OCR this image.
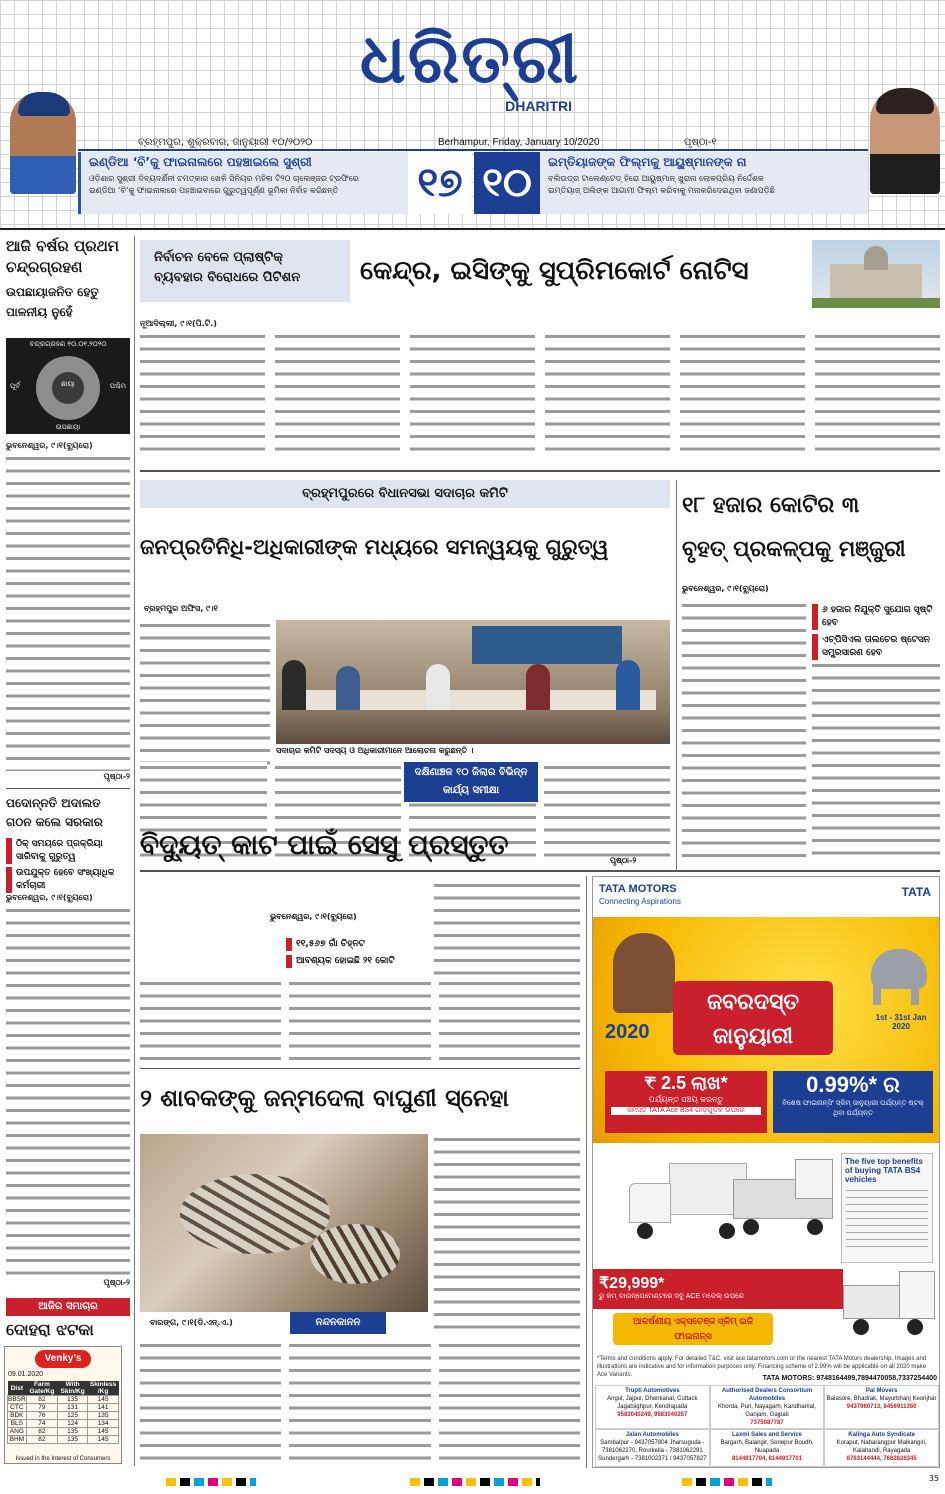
ଧରିତ୍ରୀ
DHARITRI
ବ୍ରହ୍ମପୁର, ଶୁକ୍ରବାର, ଜାନୁୟାରୀ ୧୦/୨୦୨୦	Berhampur, Friday, January 10/2020	ପୃଷ୍ଠା-୧
ଇଣ୍ଡିଆ ‘ବି’କୁ ଫାଇନାଲରେ ପହଞ୍ଚାଇଲେ ସୁଶ୍ରୀ
ଓଡ଼ିଶାର ସୁଶ୍ରୀ ଦିବ୍ୟଦର୍ଶିନୀ ଚମତ୍କାର ଖେଳି ସିନିୟର ମହିଳା ଟି୨୦ ଚାଲେଞ୍ଜର ଟ୍ରଫିରେ
ଇଣ୍ଡିଆ ‘ବି’କୁ ଫାଇନାଲରେ ପହଞ୍ଚାଇବାରେ ଗୁରୁତ୍ୱପୂର୍ଣ୍ଣ ଭୂମିକା ନିର୍ବାହ କରିଛନ୍ତି	୧୭ ୧୦	ଇମ୍ତିୟାଜଙ୍କ ଫିଲ୍ମକୁ ଆୟୁଷ୍ମାନଙ୍କ ନା
ବଲିଉଡ୍‌ର ଟାଲେଣ୍ଟେଡ୍ ହିରୋ ଆୟୁଷ୍ମାନ୍ ଖୁରାନା ଲୋକପ୍ରିୟ ନିର୍ଦ୍ଦେଶକ
ଇମ୍ତିୟାଜ୍ ଅଲିଙ୍କ ଆଗାମୀ ଫିଲ୍ମ କରିବାକୁ ମନାକରିଦେଇଥିବା ଜଣାପଡ଼ିଛି
ଆଜି ବର୍ଷର ପ୍ରଥମ ଚନ୍ଦ୍ରଗ୍ରହଣ
ଉପଛାୟାଜନିତ ହେତୁ ପାଳନୀୟ ନୁହେଁ
ଚନ୍ଦ୍ରଗ୍ରହଣ ୧୦.୦୧.୨୦୨୦
ଛାୟା
ପୂର୍ବ	ପଶ୍ଚିମ
ଉପଛାୟା
ଭୁବନେଶ୍ୱର, ୯।୧(ବ୍ୟୁରୋ)
ପୃଷ୍ଠା-୨
ପଦୋନ୍ନତି ଅଦାଲତ
ଗଠନ କଲେ ସରକାର
ଠିକ୍ ସମୟରେ ପ୍ରକ୍ରିୟା ସାରିବାକୁ ଗୁରୁତ୍ୱ
ଉପଯୁକ୍ତ ହେବେ ସଂଖ୍ୟାଧିକ କର୍ମଚାରୀ
ଭୁବନେଶ୍ୱର, ୯।୧(ବ୍ୟୁରୋ)
ପୃଷ୍ଠା-୨
ଆଜିର ସମାଚାର
ଦୋହରା ଝଟକା
Venky's
09.01.2020
Dist	Farm Gate/Kg	With Skin/Kg	Skinless /Kg
BBSR	82	135	145
CTC	79	131	141
BDK	76	125	135
BLS	74	124	134
ANG	82	135	145
BHM	82	135	145
Issued in the Interest of Consumers
ନିର୍ବାଚନ ବେଳେ ପ୍ଲାଷ୍ଟିକ୍ ବ୍ୟବହାର ବିରୋଧରେ ପିଟିଶନ	କେନ୍ଦ୍ର, ଇସିଙ୍କୁ ସୁପ୍ରିମକୋର୍ଟ ନୋଟିସ
ନୂଆଦିଲ୍ଲୀ, ୯।୧(ପି.ଟି.)
ବ୍ରହ୍ମପୁରରେ ବିଧାନସଭା ସଦାଚାର କମିଟି
ଜନପ୍ରତିନିଧି-ଅଧିକାରୀଙ୍କ ମଧ୍ୟରେ ସମନ୍ୱୟକୁ ଗୁରୁତ୍ୱ
ବ୍ରହ୍ମପୁର ଅଫିସ, ୯।୧
ସଦାଚାର କମିଟି ସଦସ୍ୟ ଓ ଅଧିକାରୀମାନେ ଆଲୋଚନା କରୁଛନ୍ତି ।
ଦକ୍ଷିଣାଞ୍ଚଳ ୧୦ ଜିଲାର ବିଭିନ୍ନ କାର୍ଯ୍ୟ ସମୀକ୍ଷା
ପୃଷ୍ଠା-୨
୧୮ ହଜାର କୋଟିର ୩
ବୃହତ୍ ପ୍ରକଳ୍ପକୁ ମଞ୍ଜୁରୀ
ଭୁବନେଶ୍ୱର, ୯।୧(ବ୍ୟୁରୋ)
୬ ହଜାର ନିଯୁକ୍ତି ସୁଯୋଗ ସୃଷ୍ଟି ହେବ
ଏଚ୍‌ପିସିଏଲ ତାଲଚେର ଷ୍ଟେସନ ସମ୍ପ୍ରସାରଣ ହେବ
ବିଦ୍ୟୁତ୍ କାଟ ପାଇଁ ସେସୁ ପ୍ରସ୍ତୁତ
ଭୁବନେଶ୍ୱର, ୯।୧(ବ୍ୟୁରୋ)
୧୧,୫୬୭ ଗାଁ ଚିହ୍ନଟ
ଆବଶ୍ୟକ ହୋଇଛି ୨୧ କୋଟି
୨ ଶାବକଙ୍କୁ ଜନ୍ମଦେଲା ବାଘୁଣୀ ସ୍ନେହା
ବାରଙ୍ଗ, ୯।୧(ଡି.ଏନ୍.ଏ.)	ନନ୍ଦନକାନନ
TATA MOTORS
Connecting Aspirations
TATA
2020
ଜବରଦସ୍ତ ଜାନୁୟାରୀ
1st - 31st Jan 2020
₹ 2.5 ଲାଖ*
ପର୍ଯ୍ୟନ୍ତ ସଞ୍ଚୟ କରନ୍ତୁ
ସମସ୍ତ TATA Ace BS4 ଗାଡ଼ିଗୁଡ଼ିକ ଉପରେ
0.99%* ର
ବିଶେଷ ଫାଇନାନ୍ସିଂ ସ୍କିମ୍ ଜାନୁୟାରୀ ପର୍ଯ୍ୟନ୍ତ ଷ୍ଟକ୍ ଥିବା ପର୍ଯ୍ୟନ୍ତ
The five top benefits of buying TATA BS4 vehicles
₹29,999*
ରୁ କମ୍ ଡାଉନ୍‌ପେମେଣ୍ଟରେ ସବୁ ACE ମଡେଲ୍ ଉପରେ
ଆକର୍ଷଣୀୟ ଏକ୍ସଚେଞ୍ଜ ସ୍କିମ୍ ଇଜି ଫାଇନାନ୍ସ
*Terms and conditions apply. For detailed T&C, visit ace.tatamotors.com or the nearest TATA Motors dealership. Images and illustrations are indicative and for information purposes only. Financing scheme of 2.99% will be applicable on all 2020 make Ace Variants.	TATA MOTORS: 9748164499,7894470058,7337254400
Trupti Automotives
Angul, Jajpur, Dhenkanal, Cuttack Jagatsighpur, Kendrapada
9583040249, 9583040257
Authorised Dealers Consortium Automobiles
Khorda, Puri, Nayagarh, Kandhamal, Ganjam, Gajpati
7375087787
Pal Movers
Balasore, Bhadrak, Mayurbhanj Keonjhar
9437960713, 8456911350
Jalan Automobiles
Sambalpur - 9437057804 Jharsuguda - 7381062270, Rourkella - 7381062291 Sundergarh - 7381002371 / 9437057827
Laxmi Sales and Service
Bargarh, Balangir, Sonepur Boudh, Nuapada
8144917704, 8144917701
Kalinga Auto Syndicate
Koraput, Nabarangpur Malkangiri, Kalahandi, Rayagada
8763144444, 7682826345
35
